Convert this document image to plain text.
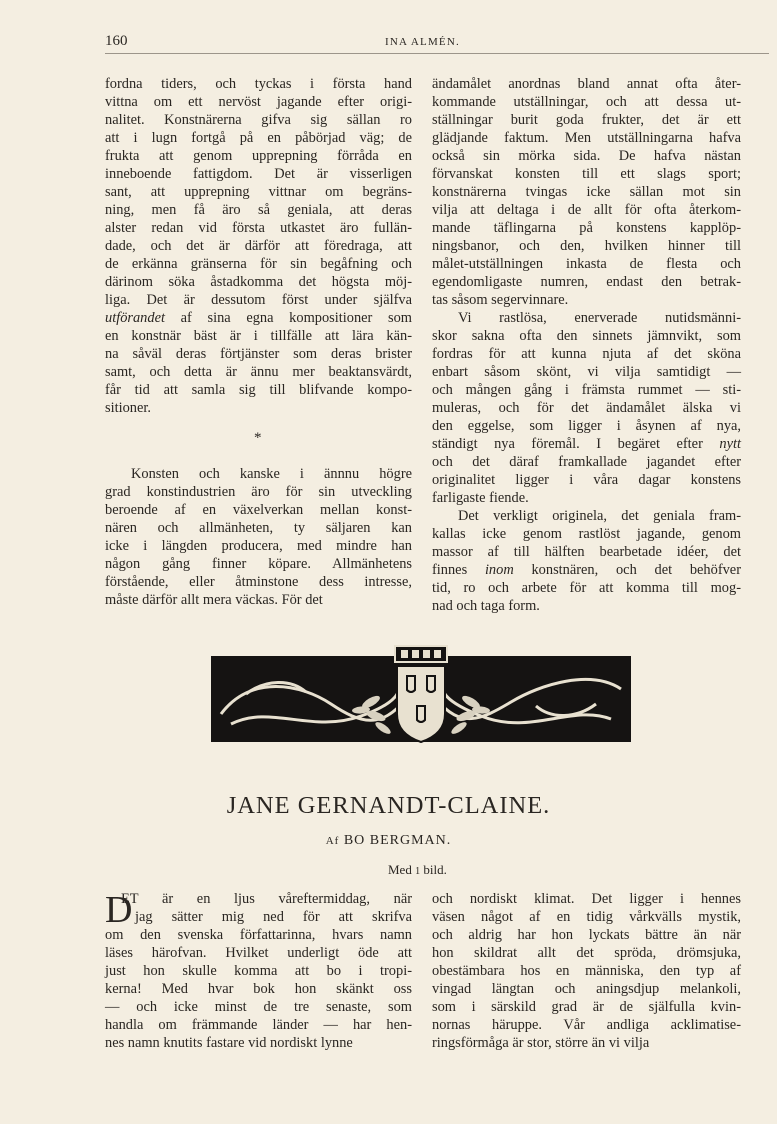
160	INA ALMÉN.
fordna tiders, och tyckas i första hand
vittna om ett nervöst jagande efter origi-
nalitet. Konstnärerna gifva sig sällan ro
att i lugn fortgå på en påbörjad väg; de
frukta att genom upprepning förråda en
inneboende fattigdom. Det är visserligen
sant, att upprepning vittnar om begräns-
ning, men få äro så geniala, att deras
alster redan vid första utkastet äro fullän-
dade, och det är därför att föredraga, att
de erkänna gränserna för sin begåfning och
därinom söka åstadkomma det högsta möj-
liga. Det är dessutom först under själfva
utförandet af sina egna kompositioner som
en konstnär bäst är i tillfälle att lära kän-
na såväl deras förtjänster som deras brister
samt, och detta är ännu mer beaktansvärdt,
får tid att samla sig till blifvande kompo-
sitioner.
*
Konsten och kanske i ännnu högre
grad konstindustrien äro för sin utveckling
beroende af en växelverkan mellan konst-
nären och allmänheten, ty säljaren kan
icke i längden producera, med mindre han
någon gång finner köpare. Allmänhetens
förstående, eller åtminstone dess intresse,
måste därför allt mera väckas. För det
ändamålet anordnas bland annat ofta åter-
kommande utställningar, och att dessa ut-
ställningar burit goda frukter, det är ett
glädjande faktum. Men utställningarna hafva
också sin mörka sida. De hafva nästan
förvanskat konsten till ett slags sport;
konstnärerna tvingas icke sällan mot sin
vilja att deltaga i de allt för ofta återkom-
mande täflingarna på konstens kapplöp-
ningsbanor, och den, hvilken hinner till
målet-utställningen inkasta de flesta och
egendomligaste numren, endast den betrak-
tas såsom segervinnare.
Vi rastlösa, enerverade nutidsmänni-
skor sakna ofta den sinnets jämnvikt, som
fordras för att kunna njuta af det sköna
enbart såsom skönt, vi vilja samtidigt —
och mången gång i främsta rummet — sti-
muleras, och för det ändamålet älska vi
den eggelse, som ligger i åsynen af nya,
ständigt nya föremål. I begäret efter nytt
och det däraf framkallade jagandet efter
originalitet ligger i våra dagar konstens
farligaste fiende.
Det verkligt originela, det geniala fram-
kallas icke genom rastlöst jagande, genom
massor af till hälften bearbetade idéer, det
finnes inom konstnären, och det behöfver
tid, ro och arbete för att komma till mog-
nad och taga form.
JANE GERNANDT-CLAINE.
Af BO BERGMAN.
Med 1 bild.
D
ET är en ljus våreftermiddag, när
jag sätter mig ned för att skrifva
om den svenska författarinna, hvars namn
läses härofvan. Hvilket underligt öde att
just hon skulle komma att bo i tropi-
kerna! Med hvar bok hon skänkt oss
— och icke minst de tre senaste, som
handla om främmande länder — har hen-
nes namn knutits fastare vid nordiskt lynne
och nordiskt klimat. Det ligger i hennes
väsen något af en tidig vårkvälls mystik,
och aldrig har hon lyckats bättre än när
hon skildrat allt det spröda, drömsjuka,
obestämbara hos en människa, den typ af
vingad längtan och aningsdjup melankoli,
som i särskild grad är de själfulla kvin-
nornas häruppe. Vår andliga acklimatise-
ringsförmåga är stor, större än vi vilja
